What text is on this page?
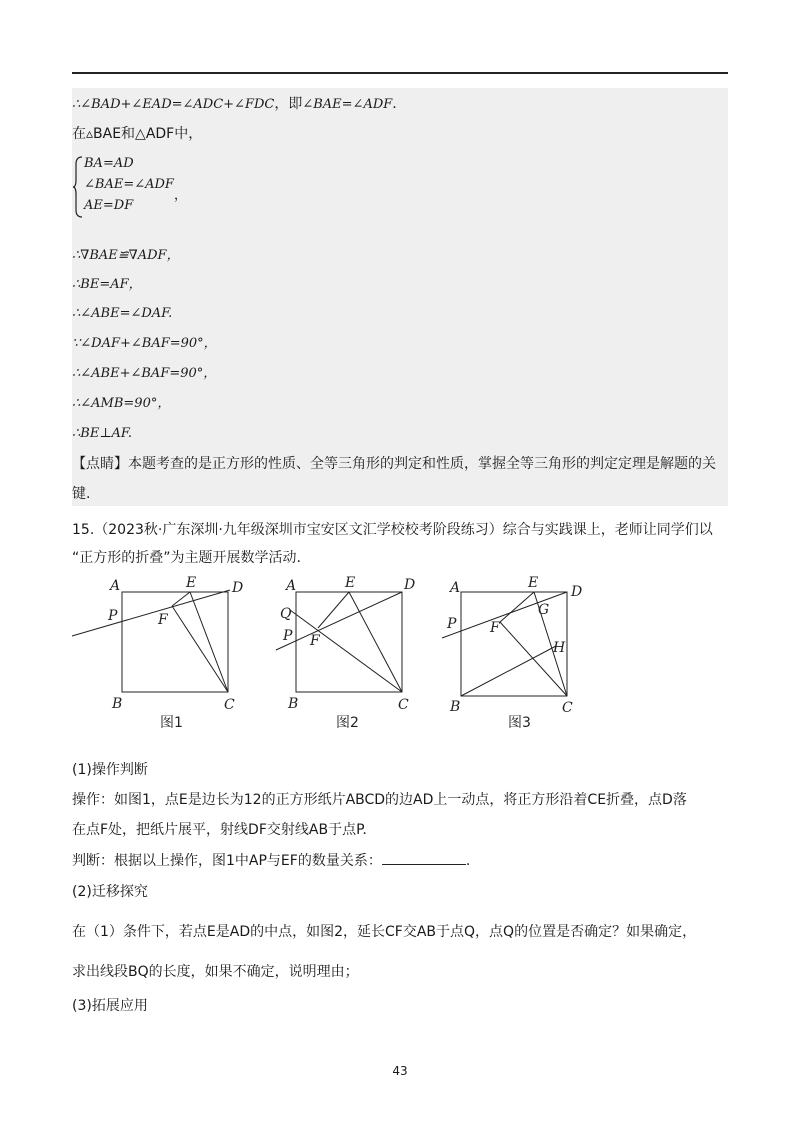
∴∠BAD+∠EAD=∠ADC+∠FDC，即∠BAE=∠ADF.
在▵BAE和△ADF中，
BA=AD
∠BAE=∠ADF
AE=DF
，
∴∇BAE≌∇ADF，
∴BE=AF，
∴∠ABE=∠DAF.
∵∠DAF+∠BAF=90°，
∴∠ABE+∠BAF=90°，
∴∠AMB=90°，
∴BE⊥AF.
【点睛】本题考查的是正方形的性质、全等三角形的判定和性质，掌握全等三角形的判定定理是解题的关
键.
15.（2023秋·广东深圳·九年级深圳市宝安区文汇学校校考阶段练习）综合与实践课上，老师让同学们以
“正方形的折叠”为主题开展数学活动.
A	E	D
P	F
B	C
图1
A	E	D
Q
P F
B	C
图2
A	E
D
G
P F
H
B	C
图3
(1)操作判断
操作：如图1，点E是边长为12的正方形纸片ABCD的边AD上一动点，将正方形沿着CE折叠，点D落
在点F处，把纸片展平，射线DF交射线AB于点P.
判断：根据以上操作，图1中AP与EF的数量关系：	.
(2)迁移探究
在（1）条件下，若点E是AD的中点，如图2，延长CF交AB于点Q，点Q的位置是否确定？如果确定，
求出线段BQ的长度，如果不确定，说明理由；
(3)拓展应用
43
